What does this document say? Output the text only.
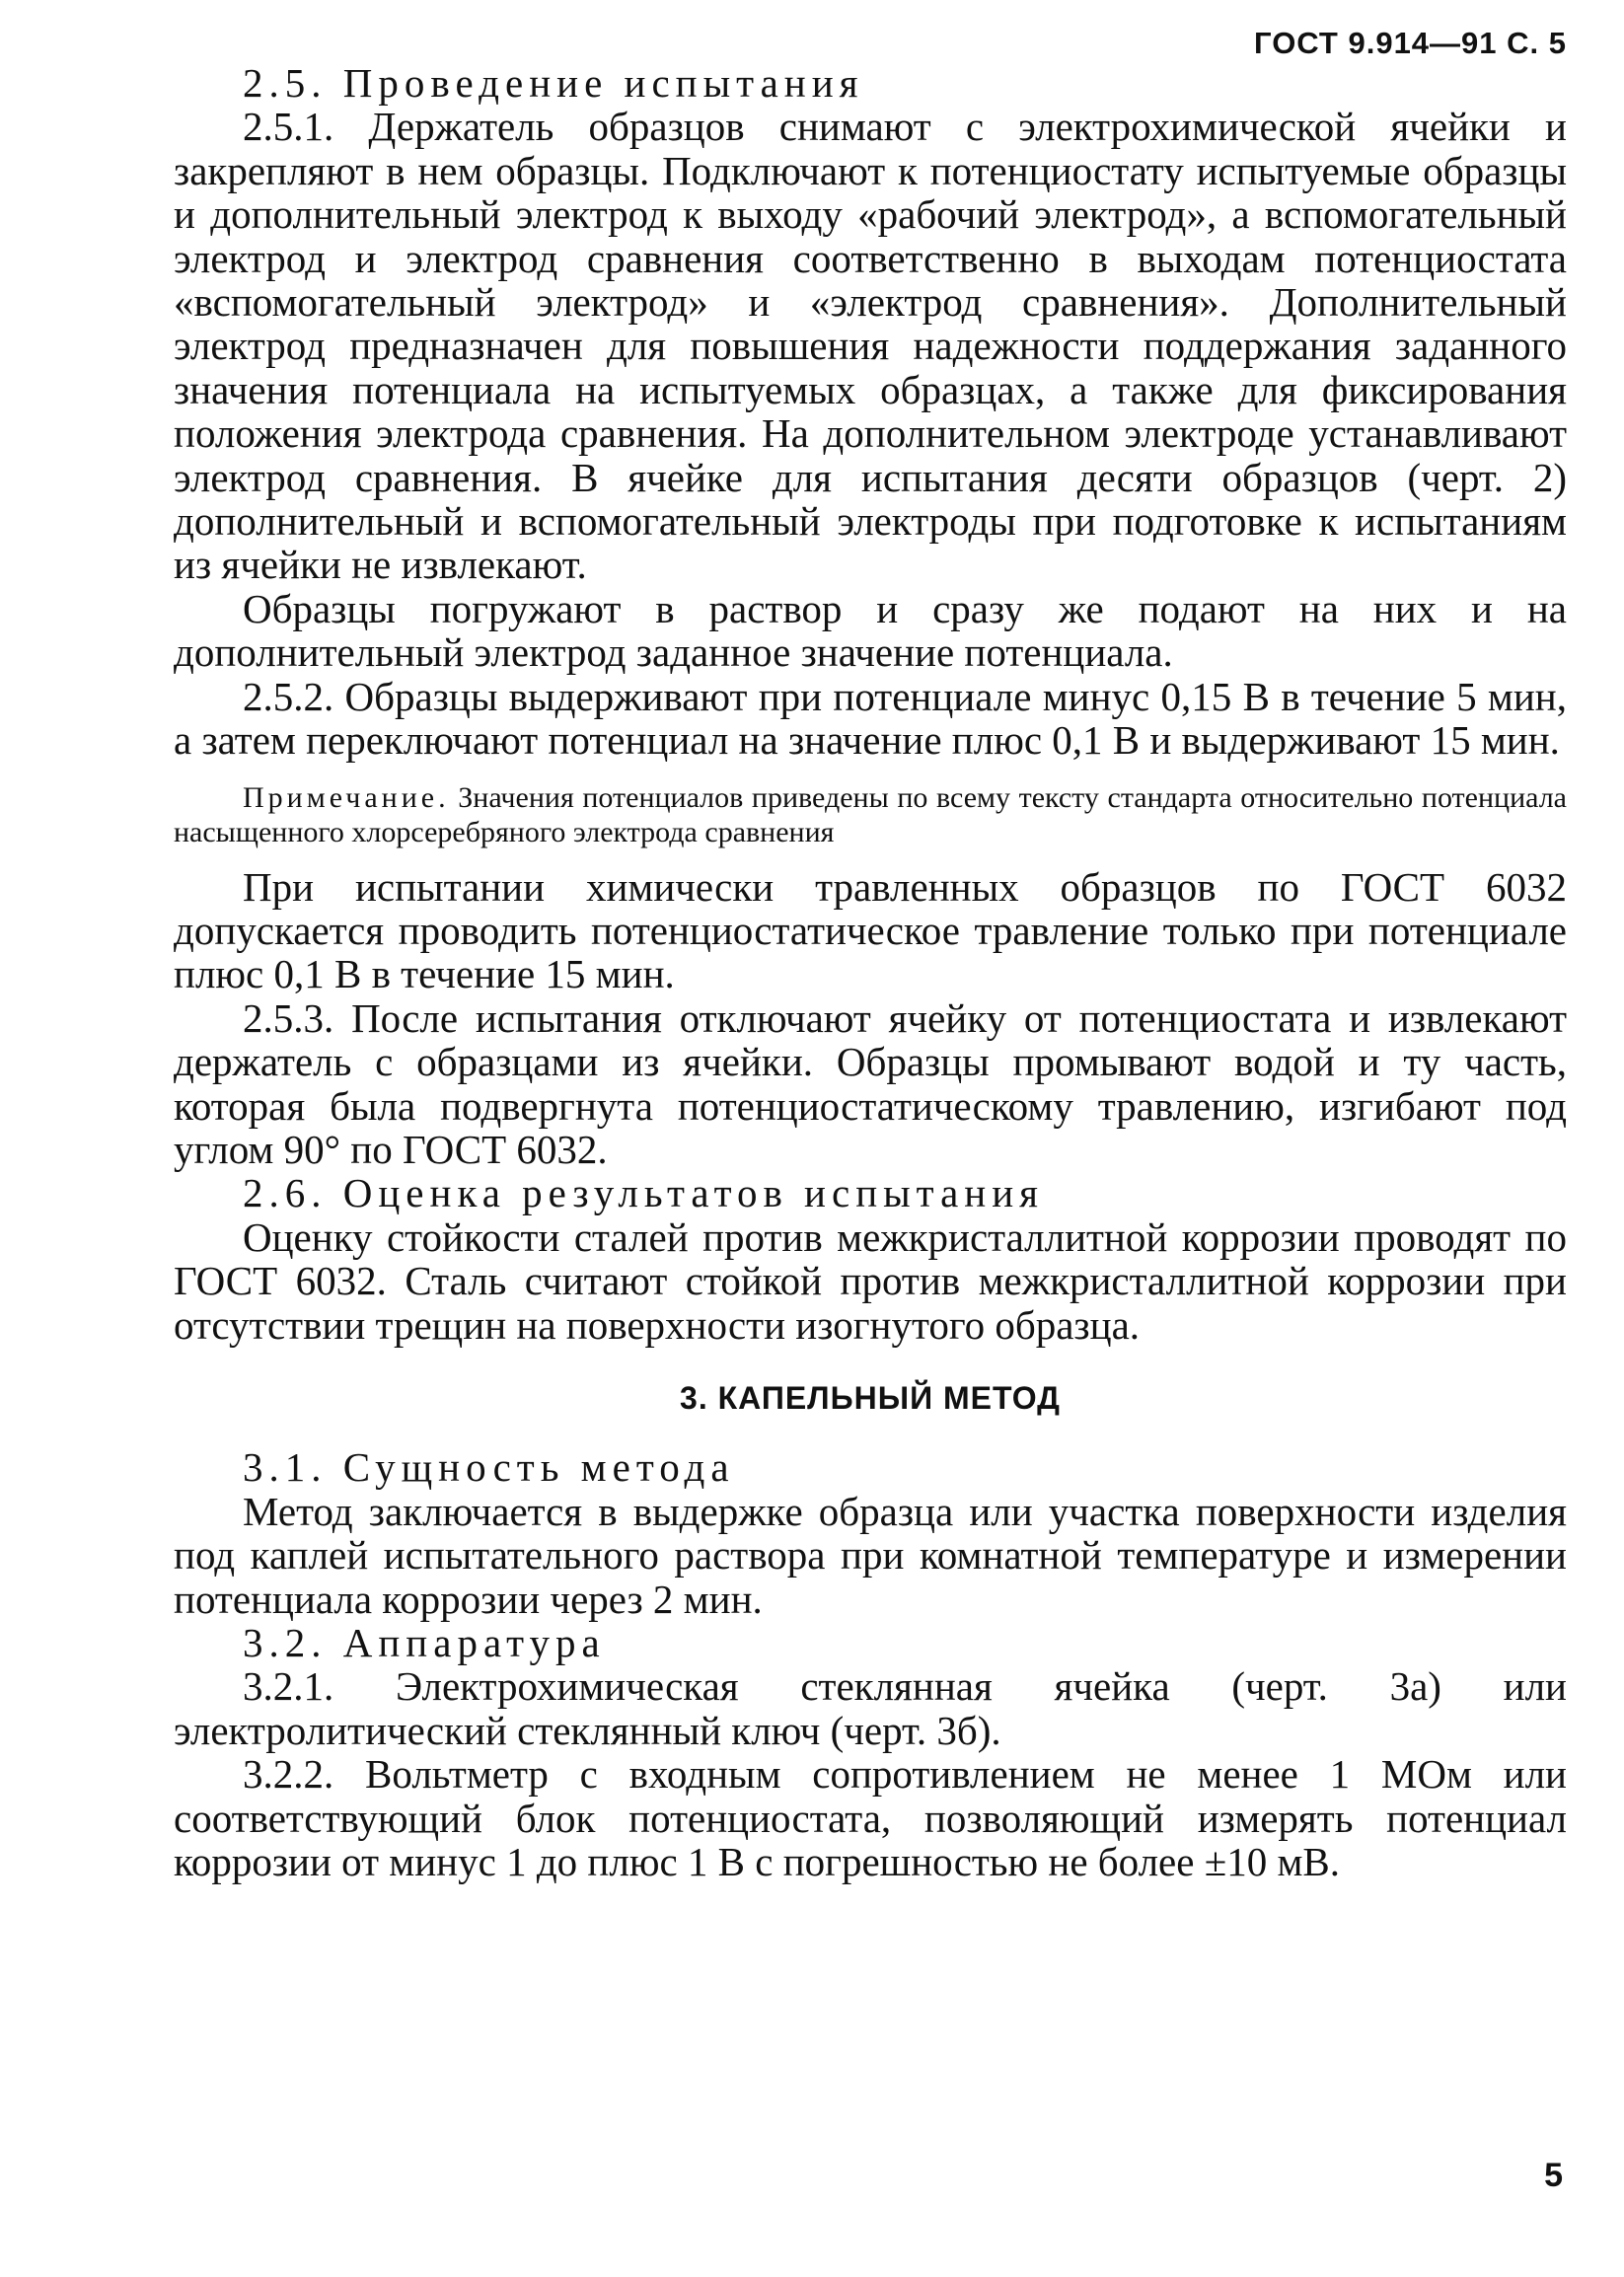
ГОСТ 9.914—91 С. 5

2.5. Проведение испытания

2.5.1. Держатель образцов снимают с электрохимической ячейки и закрепляют в нем образцы. Подключают к потенциостату испытуемые образцы и дополнительный электрод к выходу «рабочий электрод», а вспомогательный электрод и электрод сравнения соответственно в выходам потенциостата «вспомогательный электрод» и «электрод сравнения». Дополнительный электрод предназначен для повышения надежности поддержания заданного значения потенциала на испытуемых образцах, а также для фиксирования положения электрода сравнения. На дополнительном электроде устанавливают электрод сравнения. В ячейке для испытания десяти образцов (черт. 2) дополнительный и вспомогательный электроды при подготовке к испытаниям из ячейки не извлекают.

Образцы погружают в раствор и сразу же подают на них и на дополнительный электрод заданное значение потенциала.

2.5.2. Образцы выдерживают при потенциале минус 0,15 В в течение 5 мин, а затем переключают потенциал на значение плюс 0,1 В и выдерживают 15 мин.

Примечание. Значения потенциалов приведены по всему тексту стандарта относительно потенциала насыщенного хлорсеребряного электрода сравнения

При испытании химически травленных образцов по ГОСТ 6032 допускается проводить потенциостатическое травление только при потенциале плюс 0,1 В в течение 15 мин.

2.5.3. После испытания отключают ячейку от потенциостата и извлекают держатель с образцами из ячейки. Образцы промывают водой и ту часть, которая была подвергнута потенциостатическому травлению, изгибают под углом 90° по ГОСТ 6032.

2.6. Оценка результатов испытания

Оценку стойкости сталей против межкристаллитной коррозии проводят по ГОСТ 6032. Сталь считают стойкой против межкристаллитной коррозии при отсутствии трещин на поверхности изогнутого образца.

3. КАПЕЛЬНЫЙ МЕТОД

3.1. Сущность метода

Метод заключается в выдержке образца или участка поверхности изделия под каплей испытательного раствора при комнатной температуре и измерении потенциала коррозии через 2 мин.

3.2. Аппаратура

3.2.1. Электрохимическая стеклянная ячейка (черт. 3а) или электролитический стеклянный ключ (черт. 3б).

3.2.2. Вольтметр с входным сопротивлением не менее 1 МОм или соответствующий блок потенциостата, позволяющий измерять потенциал коррозии от минус 1 до плюс 1 В с погрешностью не более ±10 мВ.

5
